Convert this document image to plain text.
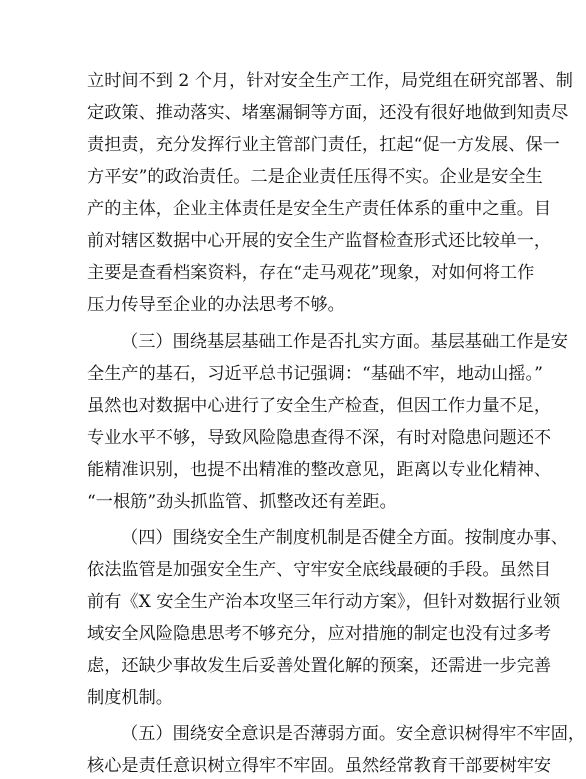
立时间不到 2 个月，针对安全生产工作，局党组在研究部署、制
定政策、推动落实、堵塞漏铜等方面，还没有很好地做到知责尽
责担责，充分发挥行业主管部门责任，扛起“促一方发展、保一
方平安”的政治责任。二是企业责任压得不实。企业是安全生
产的主体，企业主体责任是安全生产责任体系的重中之重。目
前对辖区数据中心开展的安全生产监督检查形式还比较单一，
主要是查看档案资料，存在“走马观花”现象，对如何将工作
压力传导至企业的办法思考不够。
（三）围绕基层基础工作是否扎实方面。基层基础工作是安
全生产的基石，习近平总书记强调：“基础不牢，地动山摇。”
虽然也对数据中心进行了安全生产检查，但因工作力量不足，
专业水平不够，导致风险隐患查得不深，有时对隐患问题还不
能精准识别，也提不出精准的整改意见，距离以专业化精神、
“一根筋”劲头抓监管、抓整改还有差距。
（四）围绕安全生产制度机制是否健全方面。按制度办事、
依法监管是加强安全生产、守牢安全底线最硬的手段。虽然目
前有《X 安全生产治本攻坚三年行动方案》，但针对数据行业领
域安全风险隐患思考不够充分，应对措施的制定也没有过多考
虑，还缺少事故发生后妥善处置化解的预案，还需进一步完善
制度机制。
（五）围绕安全意识是否薄弱方面。安全意识树得牢不牢固，
核心是责任意识树立得牢不牢固。虽然经常教育干部要树牢安
